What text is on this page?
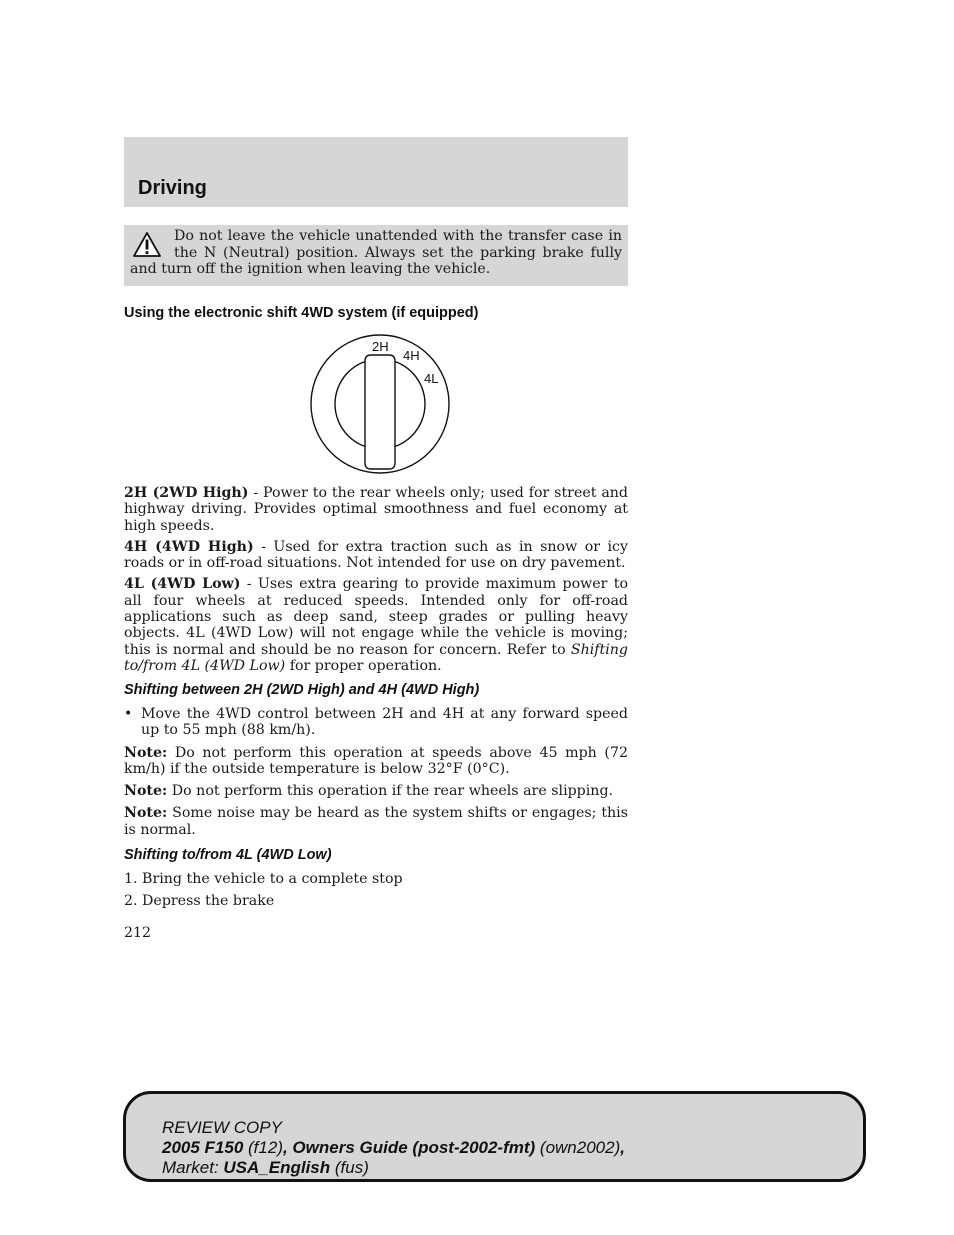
Driving

Do not leave the vehicle unattended with the transfer case in the N (Neutral) position. Always set the parking brake fully and turn off the ignition when leaving the vehicle.

Using the electronic shift 4WD system (if equipped)
2H
4H
4L

2H (2WD High) - Power to the rear wheels only; used for street and highway driving. Provides optimal smoothness and fuel economy at high speeds.

4H (4WD High) - Used for extra traction such as in snow or icy roads or in off-road situations. Not intended for use on dry pavement.

4L (4WD Low) - Uses extra gearing to provide maximum power to all four wheels at reduced speeds. Intended only for off-road applications such as deep sand, steep grades or pulling heavy objects. 4L (4WD Low) will not engage while the vehicle is moving; this is normal and should be no reason for concern. Refer to Shifting to/from 4L (4WD Low) for proper operation.

Shifting between 2H (2WD High) and 4H (4WD High)
• Move the 4WD control between 2H and 4H at any forward speed up to 55 mph (88 km/h).

Note: Do not perform this operation at speeds above 45 mph (72 km/h) if the outside temperature is below 32°F (0°C).

Note: Do not perform this operation if the rear wheels are slipping.

Note: Some noise may be heard as the system shifts or engages; this is normal.

Shifting to/from 4L (4WD Low)

1. Bring the vehicle to a complete stop

2. Depress the brake

212

REVIEW COPY
2005 F150 (f12), Owners Guide (post-2002-fmt) (own2002),
Market: USA_English (fus)
